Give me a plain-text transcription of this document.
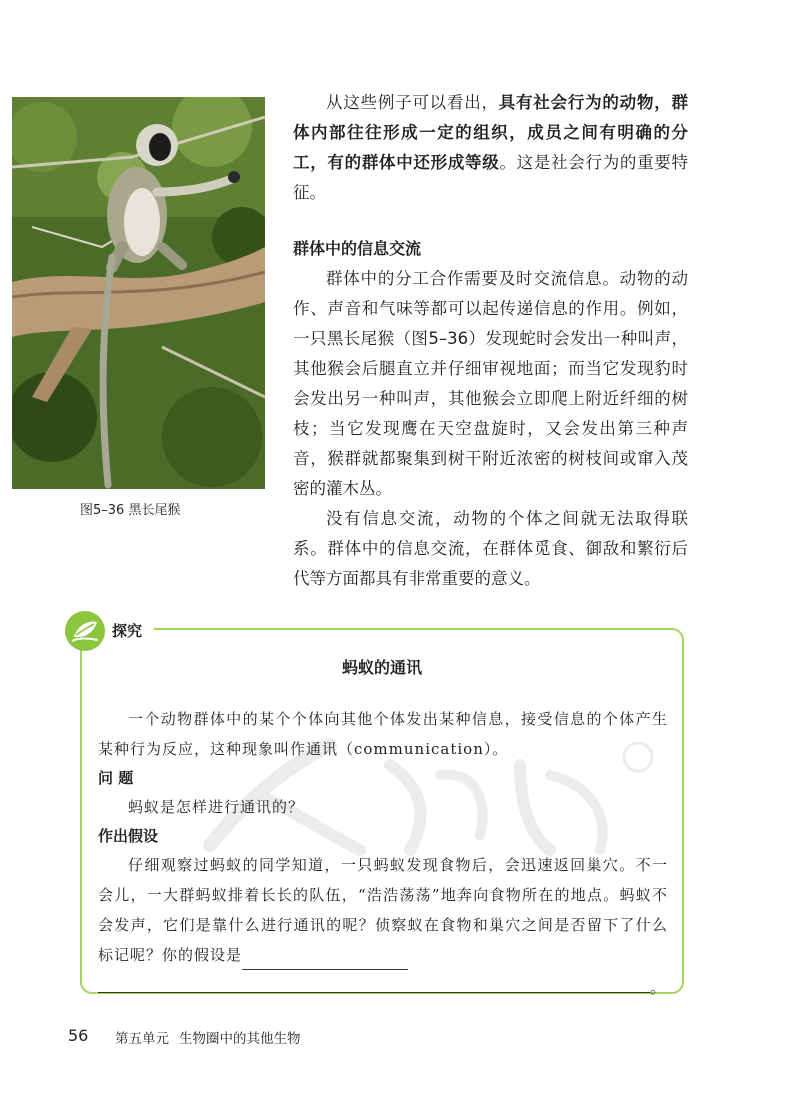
图5–36 黑长尾猴

从这些例子可以看出，具有社会行为的动物，群体内部往往形成一定的组织，成员之间有明确的分工，有的群体中还形成等级。这是社会行为的重要特征。

群体中的信息交流

群体中的分工合作需要及时交流信息。动物的动作、声音和气味等都可以起传递信息的作用。例如，一只黑长尾猴（图5–36）发现蛇时会发出一种叫声，其他猴会后腿直立并仔细审视地面；而当它发现豹时会发出另一种叫声，其他猴会立即爬上附近纤细的树枝；当它发现鹰在天空盘旋时，又会发出第三种声音，猴群就都聚集到树干附近浓密的树枝间或窜入茂密的灌木丛。

没有信息交流，动物的个体之间就无法取得联系。群体中的信息交流，在群体觅食、御敌和繁衍后代等方面都具有非常重要的意义。

探究
蚂蚁的通讯

一个动物群体中的某个个体向其他个体发出某种信息，接受信息的个体产生某种行为反应，这种现象叫作通讯（communication）。

问 题

蚂蚁是怎样进行通讯的？

作出假设

仔细观察过蚂蚁的同学知道，一只蚂蚁发现食物后，会迅速返回巢穴。不一会儿，一大群蚂蚁排着长长的队伍，“浩浩荡荡”地奔向食物所在的地点。蚂蚁不会发声，它们是靠什么进行通讯的呢？侦察蚁在食物和巢穴之间是否留下了什么标记呢？你的假设是

。
56 第五单元 生物圈中的其他生物
